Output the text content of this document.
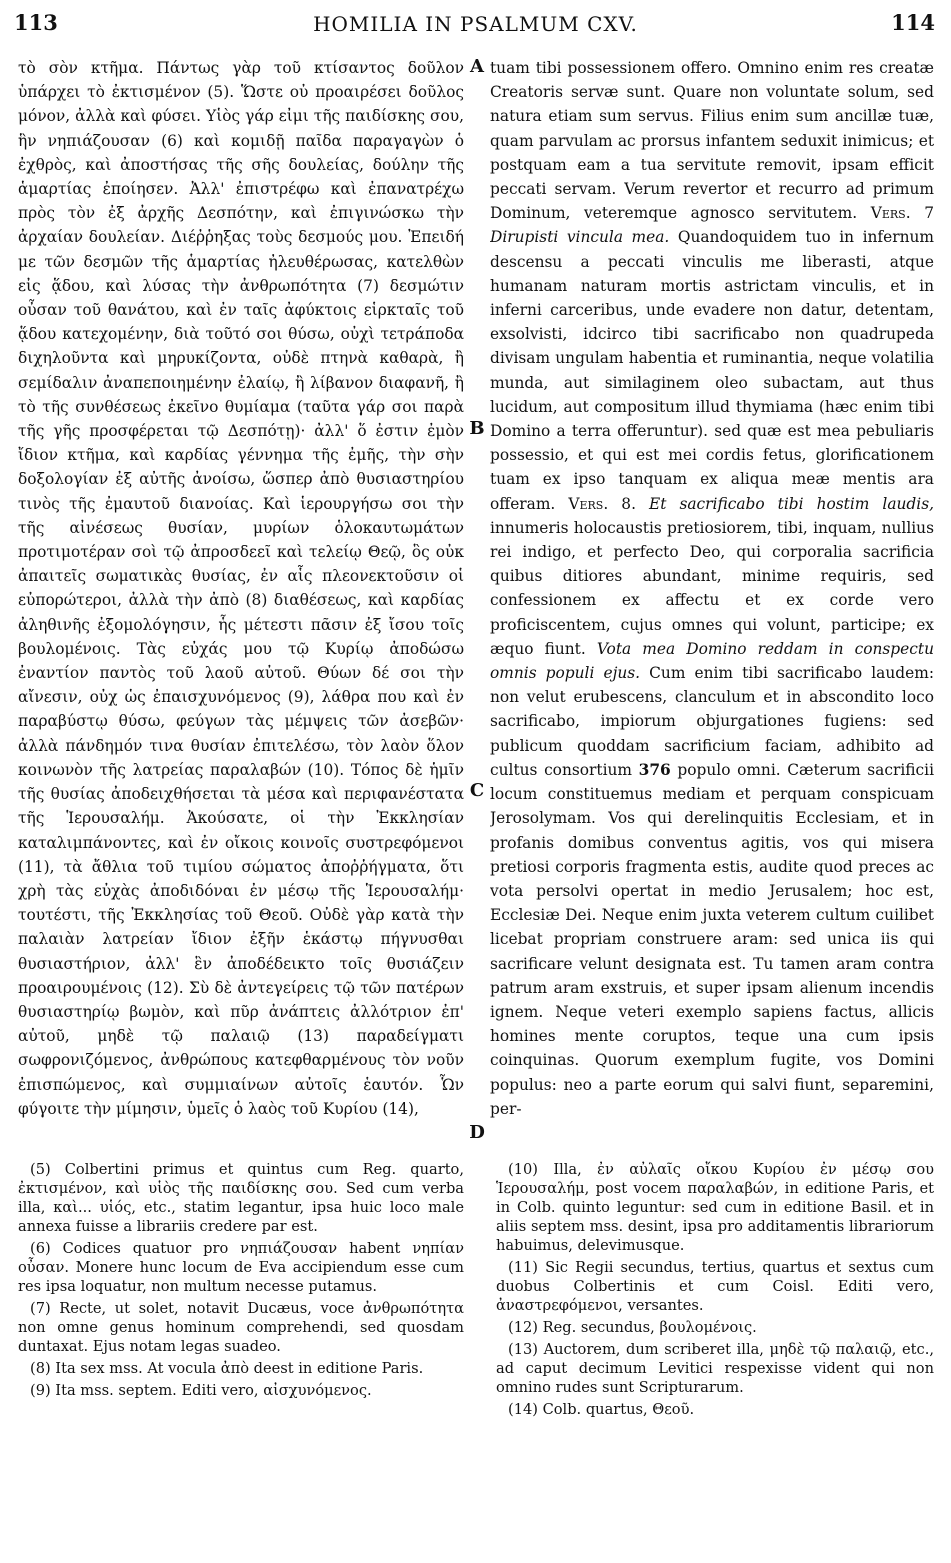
113	HOMILIA IN PSALMUM CXV.	114

τὸ σὸν κτῆμα. Πάντως γὰρ τοῦ κτίσαντος δοῦλον ὑπάρχει τὸ ἐκτισμένον (5). Ὥστε οὐ προαιρέσει δοῦλος μόνον, ἀλλὰ καὶ φύσει. Υἱὸς γάρ εἰμι τῆς παιδίσκης σου, ἣν νηπιάζουσαν (6) καὶ κομιδῇ παῖδα παραγαγὼν ὁ ἐχθρὸς, καὶ ἀποστήσας τῆς σῆς δουλείας, δούλην τῆς ἁμαρτίας ἐποίησεν. Ἀλλ' ἐπιστρέφω καὶ ἐπανατρέχω πρὸς τὸν ἐξ ἀρχῆς Δεσπότην, καὶ ἐπιγινώσκω τὴν ἀρχαίαν δουλείαν. Διέῤῥηξας τοὺς δεσμούς μου. Ἐπειδή με τῶν δεσμῶν τῆς ἁμαρτίας ἠλευθέρωσας, κατελθὼν εἰς ᾅδου, καὶ λύσας τὴν ἀνθρωπότητα (7) δεσμώτιν οὖσαν τοῦ θανάτου, καὶ ἐν ταῖς ἀφύκτοις εἱρκταῖς τοῦ ᾅδου κατεχομένην, διὰ τοῦτό σοι θύσω, οὐχὶ τετράποδα διχηλοῦντα καὶ μηρυκίζοντα, οὐδὲ πτηνὰ καθαρὰ, ἢ σεμίδαλιν ἀναπεποιημένην ἐλαίῳ, ἢ λίβανον διαφανῆ, ἢ τὸ τῆς συνθέσεως ἐκεῖνο θυμίαμα (ταῦτα γάρ σοι παρὰ τῆς γῆς προσφέρεται τῷ Δεσπότῃ)· ἀλλ' ὅ ἐστιν ἐμὸν ἴδιον κτῆμα, καὶ καρδίας γέννημα τῆς ἐμῆς, τὴν σὴν δοξολογίαν ἐξ αὐτῆς ἀνοίσω, ὥσπερ ἀπὸ θυσιαστηρίου τινὸς τῆς ἐμαυτοῦ διανοίας. Καὶ ἱερουργήσω σοι τὴν τῆς αἰνέσεως θυσίαν, μυρίων ὁλοκαυτωμάτων προτιμοτέραν σοὶ τῷ ἀπροσδεεῖ καὶ τελείῳ Θεῷ, ὃς οὐκ ἀπαιτεῖς σωματικὰς θυσίας, ἐν αἷς πλεονεκτοῦσιν οἱ εὐπορώτεροι, ἀλλὰ τὴν ἀπὸ (8) διαθέσεως, καὶ καρδίας ἀληθινῆς ἐξομολόγησιν, ἧς μέτεστι πᾶσιν ἐξ ἴσου τοῖς βουλομένοις. Τὰς εὐχάς μου τῷ Κυρίῳ ἀποδώσω ἐναντίον παντὸς τοῦ λαοῦ αὐτοῦ. Θύων δέ σοι τὴν αἴνεσιν, οὐχ ὡς ἐπαισχυνόμενος (9), λάθρα που καὶ ἐν παραβύστῳ θύσω, φεύγων τὰς μέμψεις τῶν ἀσεβῶν· ἀλλὰ πάνδημόν τινα θυσίαν ἐπιτελέσω, τὸν λαὸν ὅλον κοινωνὸν τῆς λατρείας παραλαβών (10). Τόπος δὲ ἡμῖν τῆς θυσίας ἀποδειχθήσεται τὰ μέσα καὶ περιφανέστατα τῆς Ἱερουσαλήμ. Ἀκούσατε, οἱ τὴν Ἐκκλησίαν καταλιμπάνοντες, καὶ ἐν οἴκοις κοινοῖς συστρεφόμενοι (11), τὰ ἄθλια τοῦ τιμίου σώματος ἀποῤῥήγματα, ὅτι χρὴ τὰς εὐχὰς ἀποδιδόναι ἐν μέσῳ τῆς Ἱερουσαλήμ· τουτέστι, τῆς Ἐκκλησίας τοῦ Θεοῦ. Οὐδὲ γὰρ κατὰ τὴν παλαιὰν λατρείαν ἴδιον ἐξῆν ἑκάστῳ πήγνυσθαι θυσιαστήριον, ἀλλ' ἓν ἀποδέδεικτο τοῖς θυσιάζειν προαιρουμένοις (12). Σὺ δὲ ἀντεγείρεις τῷ τῶν πατέρων θυσιαστηρίῳ βωμὸν, καὶ πῦρ ἀνάπτεις ἀλλότριον ἐπ' αὐτοῦ, μηδὲ τῷ παλαιῷ (13) παραδείγματι σωφρονιζόμενος, ἀνθρώπους κατεφθαρμένους τὸν νοῦν ἐπισπώμενος, καὶ συμμιαίνων αὐτοῖς ἑαυτόν. Ὧν φύγοιτε τὴν μίμησιν, ὑμεῖς ὁ λαὸς τοῦ Κυρίου (14),

A
B
C
D

tuam tibi possessionem offero. Omnino enim res creatæ Creatoris servæ sunt. Quare non voluntate solum, sed natura etiam sum servus. Filius enim sum ancillæ tuæ, quam parvulam ac prorsus infantem seduxit inimicus; et postquam eam a tua servitute removit, ipsam efficit peccati servam. Verum revertor et recurro ad primum Dominum, veteremque agnosco servitutem. Vers. 7 Dirupisti vincula mea. Quandoquidem tuo in infernum descensu a peccati vinculis me liberasti, atque humanam naturam mortis astrictam vinculis, et in inferni carceribus, unde evadere non datur, detentam, exsolvisti, idcirco tibi sacrificabo non quadrupeda divisam ungulam habentia et ruminantia, neque volatilia munda, aut similaginem oleo subactam, aut thus lucidum, aut compositum illud thymiama (hæc enim tibi Domino a terra offeruntur). sed quæ est mea pebuliaris possessio, et qui est mei cordis fetus, glorificationem tuam ex ipso tanquam ex aliqua meæ mentis ara offeram. Vers. 8. Et sacrificabo tibi hostim laudis, innumeris holocaustis pretiosiorem, tibi, inquam, nullius rei indigo, et perfecto Deo, qui corporalia sacrificia quibus ditiores abundant, minime requiris, sed confessionem ex affectu et ex corde vero proficiscentem, cujus omnes qui volunt, participe; ex æquo fiunt. Vota mea Domino reddam in conspectu omnis populi ejus. Cum enim tibi sacrificabo laudem: non velut erubescens, clanculum et in abscondito loco sacrificabo, impiorum objurgationes fugiens: sed publicum quoddam sacrificium faciam, adhibito ad cultus consortium 376 populo omni. Cæterum sacrificii locum constituemus mediam et perquam conspicuam Jerosolymam. Vos qui derelinquitis Ecclesiam, et in profanis domibus conventus agitis, vos qui misera pretiosi corporis fragmenta estis, audite quod preces ac vota persolvi opertat in medio Jerusalem; hoc est, Ecclesiæ Dei. Neque enim juxta veterem cultum cuilibet licebat propriam construere aram: sed unica iis qui sacrificare velunt designata est. Tu tamen aram contra patrum aram exstruis, et super ipsam alienum incendis ignem. Neque veteri exemplo sapiens factus, allicis homines mente coruptos, teque una cum ipsis coinquinas. Quorum exemplum fugite, vos Domini populus: neo a parte eorum qui salvi fiunt, separemini, per-

(5) Colbertini primus et quintus cum Reg. quarto, ἐκτισμένον, καὶ υἱὸς τῆς παιδίσκης σου. Sed cum verba illa, καὶ... υἱός, etc., statim legantur, ipsa huic loco male annexa fuisse a librariis credere par est.

(6) Codices quatuor pro νηπιάζουσαν habent νηπίαν οὖσαν. Monere hunc locum de Eva accipiendum esse cum res ipsa loquatur, non multum necesse putamus.

(7) Recte, ut solet, notavit Ducæus, voce ἀνθρωπότητα non omne genus hominum comprehendi, sed quosdam duntaxat. Ejus notam legas suadeo.

(8) Ita sex mss. At vocula ἀπὸ deest in editione Paris.

(9) Ita mss. septem. Editi vero, αἰσχυνόμενος.

(10) Illa, ἐν αὐλαῖς οἴκου Κυρίου ἐν μέσῳ σου Ἱερουσαλήμ, post vocem παραλαβών, in editione Paris, et in Colb. quinto leguntur: sed cum in editione Basil. et in aliis septem mss. desint, ipsa pro additamentis librariorum habuimus, delevimusque.

(11) Sic Regii secundus, tertius, quartus et sextus cum duobus Colbertinis et cum Coisl. Editi vero, ἀναστρεφόμενοι, versantes.

(12) Reg. secundus, βουλομένοις.

(13) Auctorem, dum scriberet illa, μηδὲ τῷ παλαιῷ, etc., ad caput decimum Levitici respexisse vident qui non omnino rudes sunt Scripturarum.

(14) Colb. quartus, Θεοῦ.
